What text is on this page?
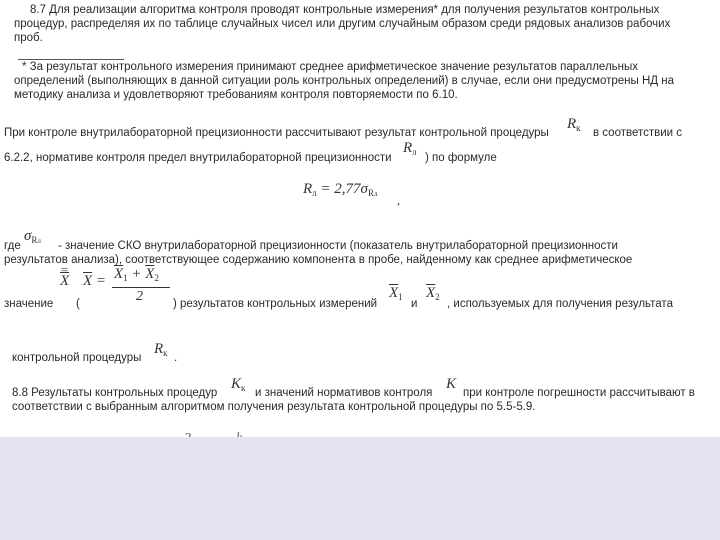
8.7 Для реализации алгоритма контроля проводят контрольные измерения* для получения результатов контрольных
процедур, распределяя их по таблице случайных чисел или другим случайным образом среди рядовых анализов рабочих
проб.
* За результат контрольного измерения принимают среднее арифметическое значение результатов параллельных
определений (выполняющих в данной ситуации роль контрольных определений) в случае, если они предусмотрены НД на
методику анализа и удовлетворяют требованиям контроля повторяемости по 6.10.
При контроле внутрилабораторной прецизионности рассчитывают результат контрольной процедуры
$R_к$ в соответствии с
6.2.2, нормативе контроля предел внутрилабораторной прецизионности
$R_л$ ) по формуле
$R_л = 2,77\sigma_{Rл}$ ,
где
$\sigma_{Rл}$ - значение СКО внутрилабораторной прецизионности (показатель внутрилабораторной прецизионности
результатов анализа), соответствующее содержанию компонента в пробе, найденному как среднее арифметическое
$\overline{X}$
=
$\overline{X} = \overline{X}_1 + \overline{X}_2$
2
значение (	) результатов контрольных измерений
$\overline{X}_1$
и
$\overline{X}_2$
, используемых для получения результата
контрольной процедуры
$R_к$ .
8.8 Результаты контрольных процедур
$K_к$ и значений нормативов контроля
K
при контроле погрешности рассчитывают в
соответствии с выбранным алгоритмом получения результата контрольной процедуры по 5.5-5.9.
